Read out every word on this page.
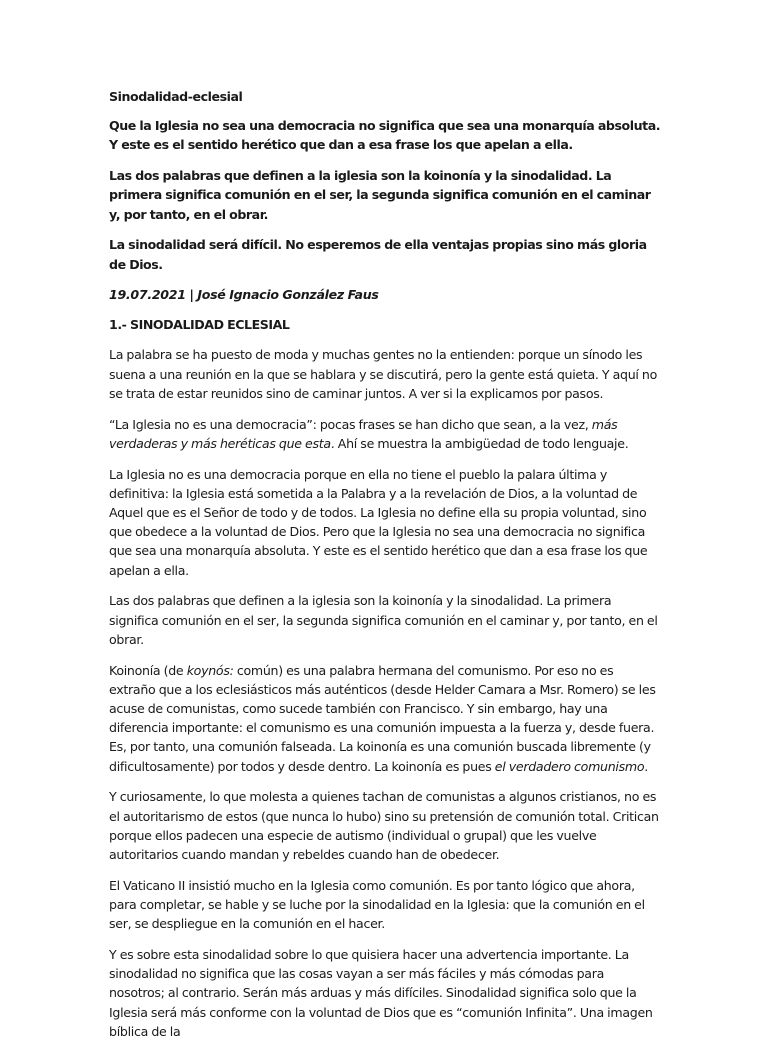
Sinodalidad-eclesial

Que la Iglesia no sea una democracia no significa que sea una monarquía absoluta. Y este es el sentido herético que dan a esa frase los que apelan a ella.

Las dos palabras que definen a la iglesia son la koinonía y la sinodalidad. La primera significa comunión en el ser, la segunda significa comunión en el caminar y, por tanto, en el obrar.

La sinodalidad será difícil. No esperemos de ella ventajas propias sino más gloria de Dios.

19.07.2021 | José Ignacio González Faus

1.- SINODALIDAD ECLESIAL

La palabra se ha puesto de moda y muchas gentes no la entienden: porque un sínodo les suena a una reunión en la que se hablara y se discutirá, pero la gente está quieta. Y aquí no se trata de estar reunidos sino de caminar juntos. A ver si la explicamos por pasos.

“La Iglesia no es una democracia”: pocas frases se han dicho que sean, a la vez, más verdaderas y más heréticas que esta. Ahí se muestra la ambigüedad de todo lenguaje.

La Iglesia no es una democracia porque en ella no tiene el pueblo la palara última y definitiva: la Iglesia está sometida a la Palabra y a la revelación de Dios, a la voluntad de Aquel que es el Señor de todo y de todos. La Iglesia no define ella su propia voluntad, sino que obedece a la voluntad de Dios. Pero que la Iglesia no sea una democracia no significa que sea una monarquía absoluta. Y este es el sentido herético que dan a esa frase los que apelan a ella.

Las dos palabras que definen a la iglesia son la koinonía y la sinodalidad. La primera significa comunión en el ser, la segunda significa comunión en el caminar y, por tanto, en el obrar.

Koinonía (de koynós: común) es una palabra hermana del comunismo. Por eso no es extraño que a los eclesiásticos más auténticos (desde Helder Camara a Msr. Romero) se les acuse de comunistas, como sucede también con Francisco. Y sin embargo, hay una diferencia importante: el comunismo es una comunión impuesta a la fuerza y, desde fuera. Es, por tanto, una comunión falseada. La koinonía es una comunión buscada libremente (y dificultosamente) por todos y desde dentro. La koinonía es pues el verdadero comunismo.

Y curiosamente, lo que molesta a quienes tachan de comunistas a algunos cristianos, no es el autoritarismo de estos (que nunca lo hubo) sino su pretensión de comunión total. Critican porque ellos padecen una especie de autismo (individual o grupal) que les vuelve autoritarios cuando mandan y rebeldes cuando han de obedecer.

El Vaticano II insistió mucho en la Iglesia como comunión. Es por tanto lógico que ahora, para completar, se hable y se luche por la sinodalidad en la Iglesia: que la comunión en el ser, se despliegue en la comunión en el hacer.

Y es sobre esta sinodalidad sobre lo que quisiera hacer una advertencia importante. La sinodalidad no significa que las cosas vayan a ser más fáciles y más cómodas para nosotros; al contrario. Serán más arduas y más difíciles. Sinodalidad significa solo que la Iglesia será más conforme con la voluntad de Dios que es “comunión Infinita”. Una imagen bíblica de la
